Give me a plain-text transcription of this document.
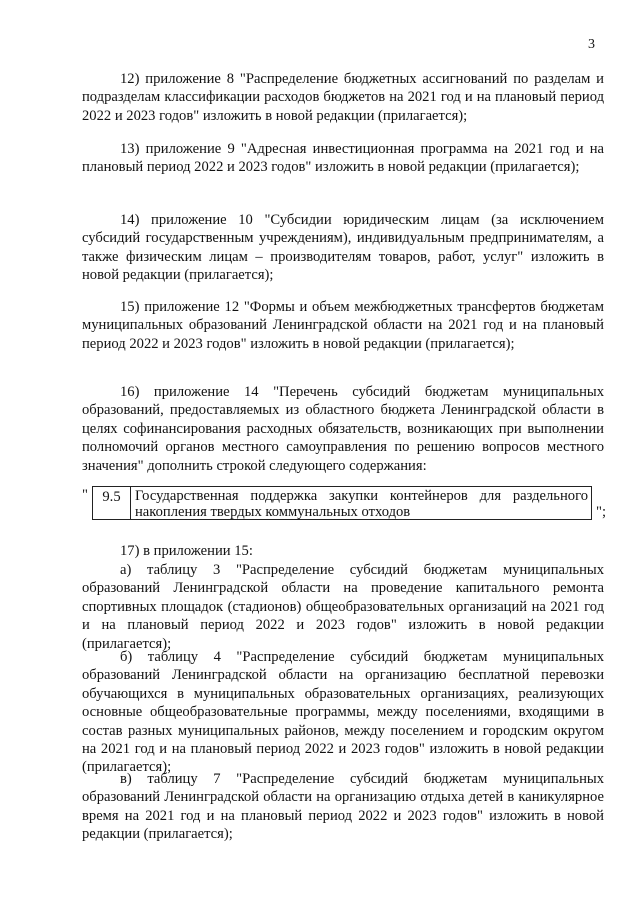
3

12) приложение 8 "Распределение бюджетных ассигнований по разделам и подразделам классификации расходов бюджетов на 2021 год и на плановый период 2022 и 2023 годов" изложить в новой редакции (прилагается);

13) приложение 9 "Адресная инвестиционная программа на 2021 год и на плановый период 2022 и 2023 годов" изложить в новой редакции (прилагается);

14) приложение 10 "Субсидии юридическим лицам (за исключением субсидий государственным учреждениям), индивидуальным предпринимателям, а также физическим лицам – производителям товаров, работ, услуг" изложить в новой редакции (прилагается);

15) приложение 12 "Формы и объем межбюджетных трансфертов бюджетам муниципальных образований Ленинградской области на 2021 год и на плановый период 2022 и 2023 годов" изложить в новой редакции (прилагается);

16) приложение 14 "Перечень субсидий бюджетам муниципальных образований, предоставляемых из областного бюджета Ленинградской области в целях софинансирования расходных обязательств, возникающих при выполнении полномочий органов местного самоуправления по решению вопросов местного значения" дополнить строкой следующего содержания:

" 9.5 Государственная поддержка закупки контейнеров для раздельного накопления твердых коммунальных отходов	";

17) в приложении 15:

а) таблицу 3 "Распределение субсидий бюджетам муниципальных образований Ленинградской области на проведение капитального ремонта спортивных площадок (стадионов) общеобразовательных организаций на 2021 год и на плановый период 2022 и 2023 годов" изложить в новой редакции (прилагается);

б) таблицу 4 "Распределение субсидий бюджетам муниципальных образований Ленинградской области на организацию бесплатной перевозки обучающихся в муниципальных образовательных организациях, реализующих основные общеобразовательные программы, между поселениями, входящими в состав разных муниципальных районов, между поселением и городским округом на 2021 год и на плановый период 2022 и 2023 годов" изложить в новой редакции (прилагается);

в) таблицу 7 "Распределение субсидий бюджетам муниципальных образований Ленинградской области на организацию отдыха детей в каникулярное время на 2021 год и на плановый период 2022 и 2023 годов" изложить в новой редакции (прилагается);
